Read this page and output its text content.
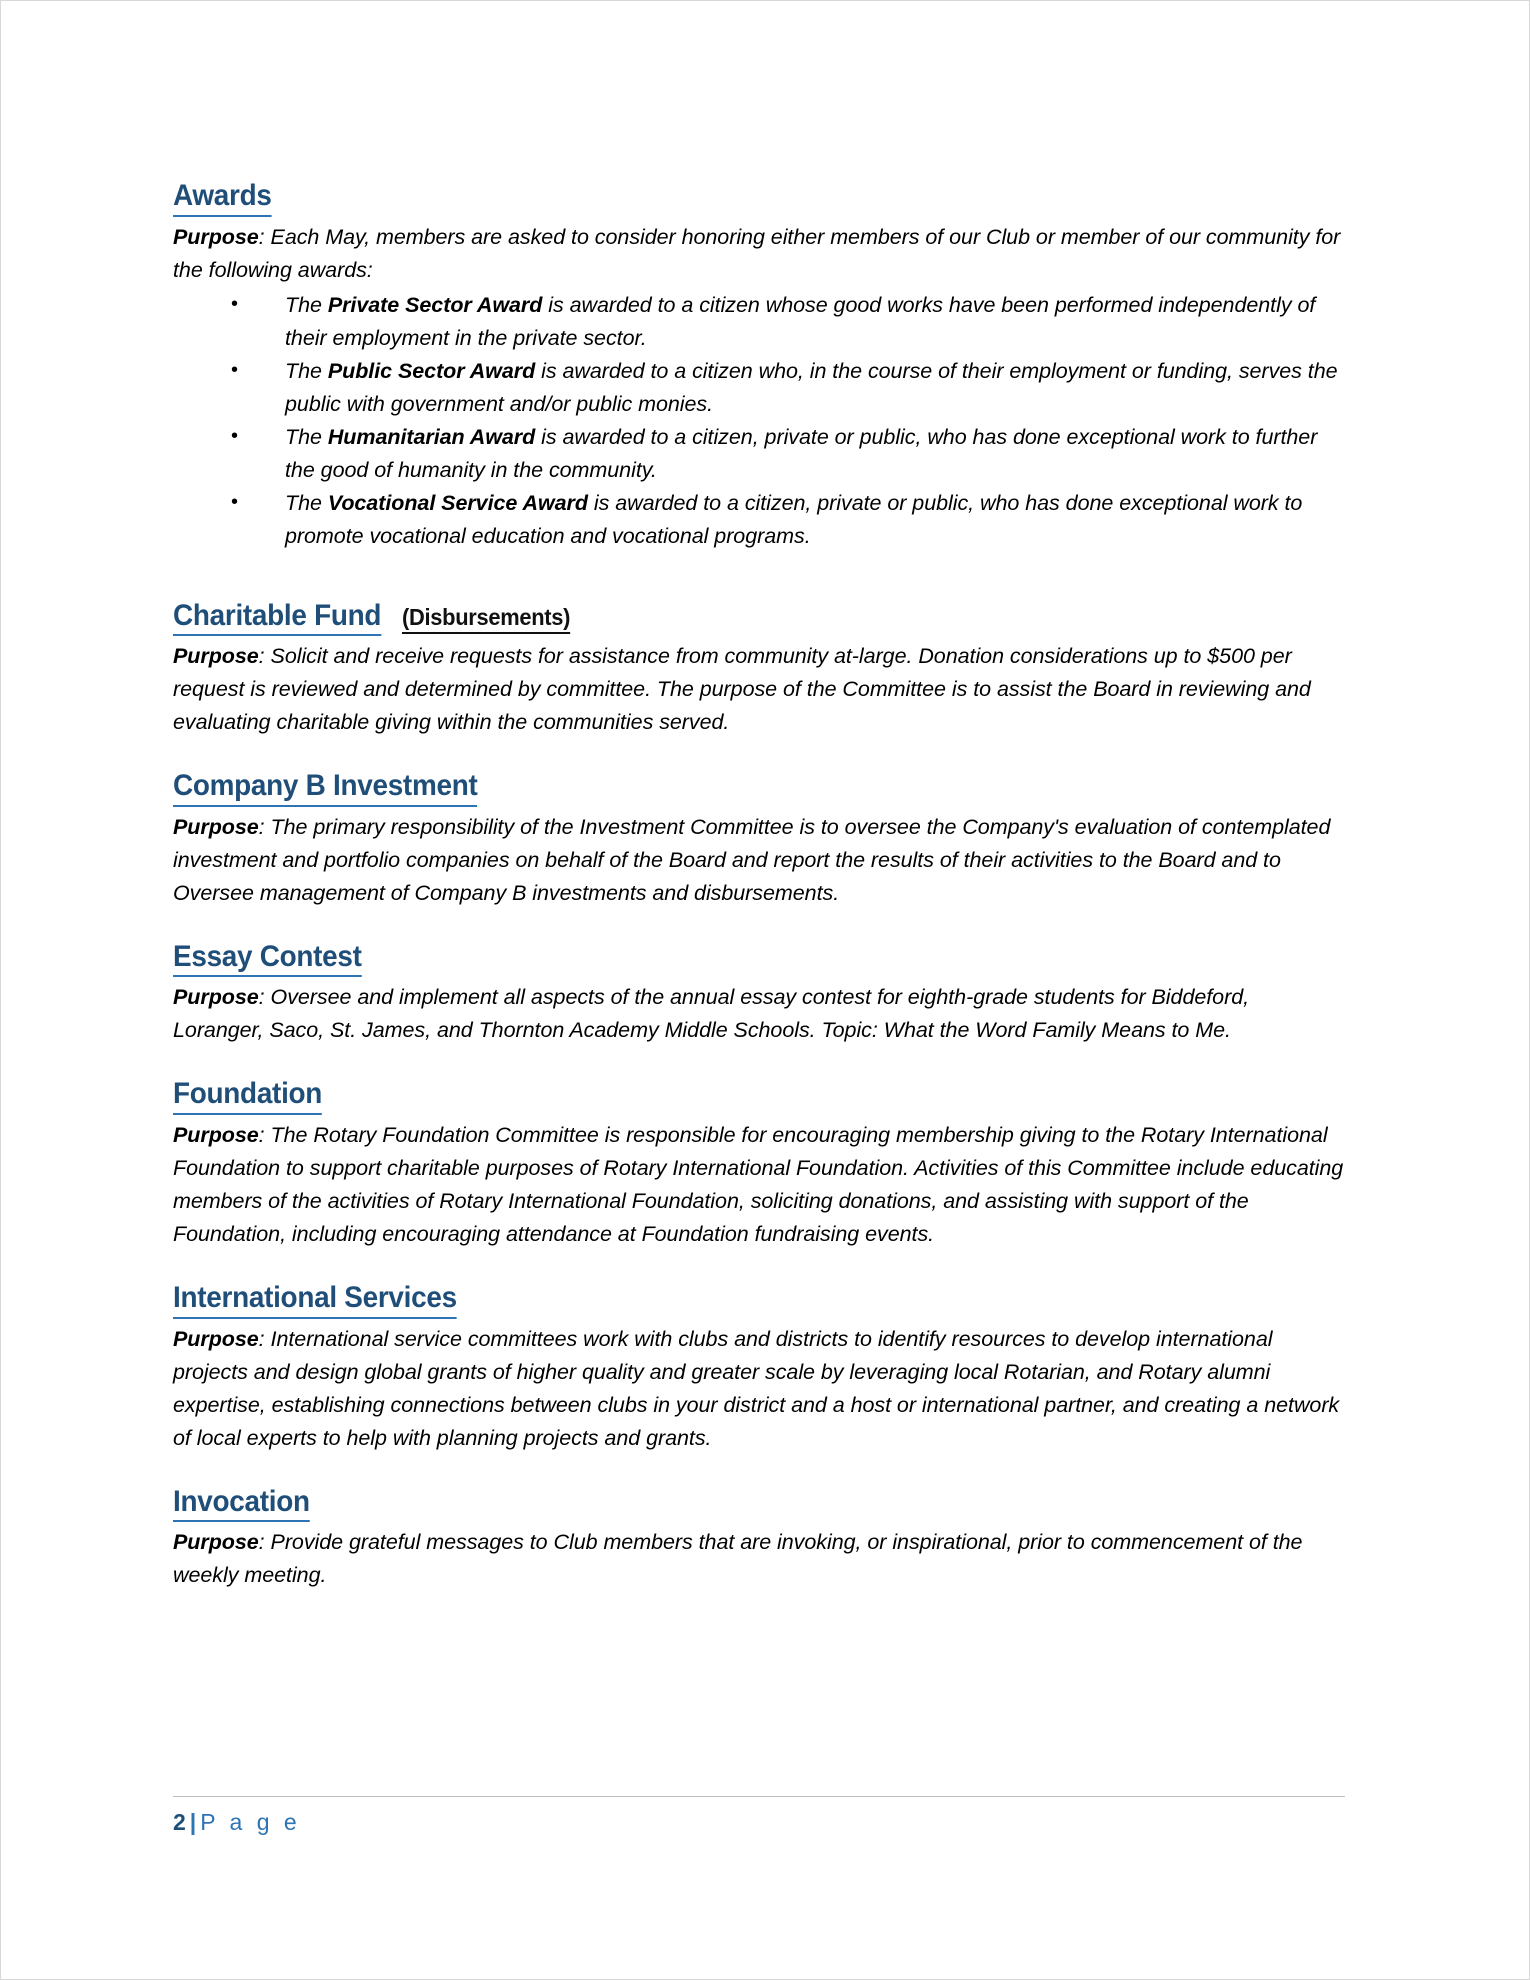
Awards

Purpose: Each May, members are asked to consider honoring either members of our Club or member of our community for the following awards:

• The Private Sector Award is awarded to a citizen whose good works have been performed independently of their employment in the private sector.
• The Public Sector Award is awarded to a citizen who, in the course of their employment or funding, serves the public with government and/or public monies.
• The Humanitarian Award is awarded to a citizen, private or public, who has done exceptional work to further the good of humanity in the community.
• The Vocational Service Award is awarded to a citizen, private or public, who has done exceptional work to promote vocational education and vocational programs.
Charitable Fund (Disbursements)

Purpose: Solicit and receive requests for assistance from community at-large. Donation considerations up to $500 per request is reviewed and determined by committee. The purpose of the Committee is to assist the Board in reviewing and evaluating charitable giving within the communities served.

Company B Investment

Purpose: The primary responsibility of the Investment Committee is to oversee the Company's evaluation of contemplated investment and portfolio companies on behalf of the Board and report the results of their activities to the Board and to Oversee management of Company B investments and disbursements.

Essay Contest

Purpose: Oversee and implement all aspects of the annual essay contest for eighth-grade students for Biddeford, Loranger, Saco, St. James, and Thornton Academy Middle Schools. Topic: What the Word Family Means to Me.

Foundation

Purpose: The Rotary Foundation Committee is responsible for encouraging membership giving to the Rotary International Foundation to support charitable purposes of Rotary International Foundation. Activities of this Committee include educating members of the activities of Rotary International Foundation, soliciting donations, and assisting with support of the Foundation, including encouraging attendance at Foundation fundraising events.

International Services

Purpose: International service committees work with clubs and districts to identify resources to develop international projects and design global grants of higher quality and greater scale by leveraging local Rotarian, and Rotary alumni expertise, establishing connections between clubs in your district and a host or international partner, and creating a network of local experts to help with planning projects and grants.

Invocation

Purpose: Provide grateful messages to Club members that are invoking, or inspirational, prior to commencement of the weekly meeting.

2 | P a g e
